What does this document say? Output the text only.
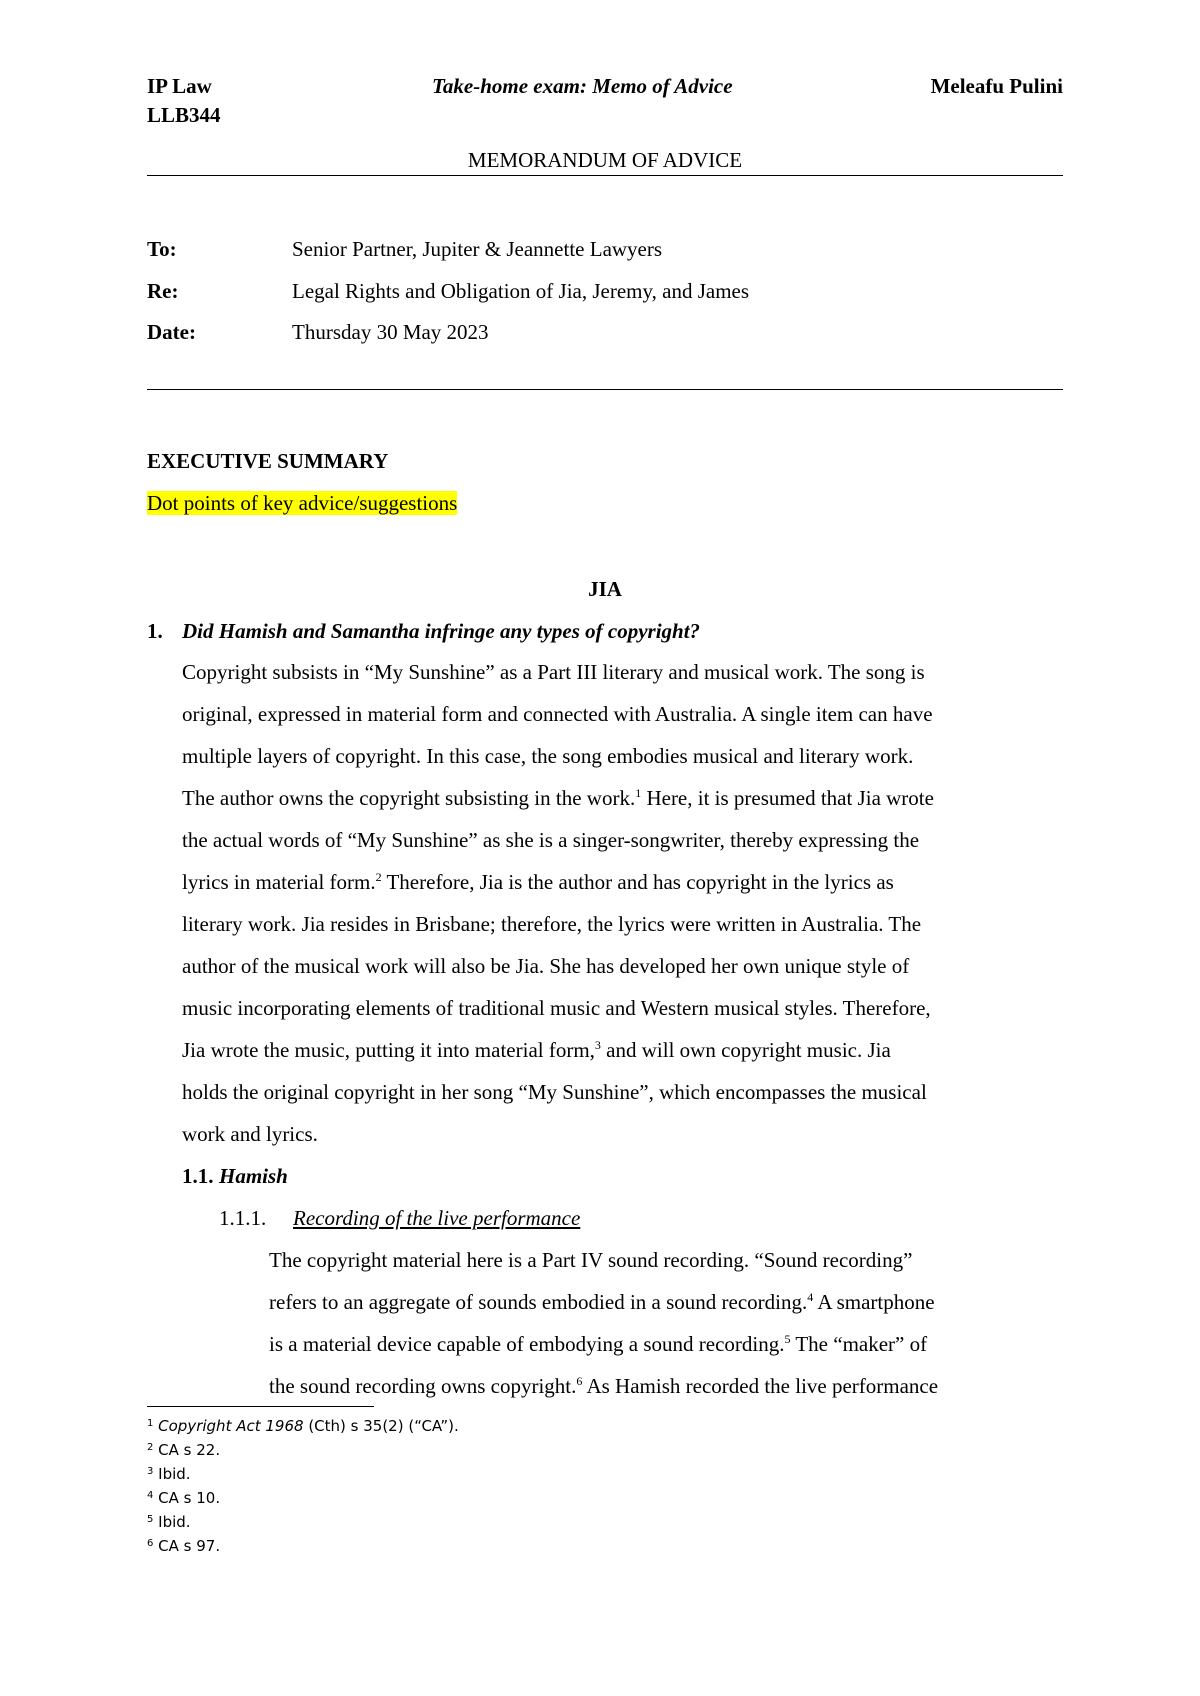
IP Law
LLB344
Take-home exam: Memo of Advice	Meleafu Pulini
MEMORANDUM OF ADVICE
To:	Senior Partner, Jupiter & Jeannette Lawyers
Re:	Legal Rights and Obligation of Jia, Jeremy, and James
Date:	Thursday 30 May 2023
EXECUTIVE SUMMARY
Dot points of key advice/suggestions
JIA
1. Did Hamish and Samantha infringe any types of copyright?
Copyright subsists in “My Sunshine” as a Part III literary and musical work. The song is
original, expressed in material form and connected with Australia. A single item can have
multiple layers of copyright. In this case, the song embodies musical and literary work.
The author owns the copyright subsisting in the work.$^1$ Here, it is presumed that Jia wrote
the actual words of “My Sunshine” as she is a singer-songwriter, thereby expressing the
lyrics in material form.$^2$ Therefore, Jia is the author and has copyright in the lyrics as
literary work. Jia resides in Brisbane; therefore, the lyrics were written in Australia. The
author of the musical work will also be Jia. She has developed her own unique style of
music incorporating elements of traditional music and Western musical styles. Therefore,
Jia wrote the music, putting it into material form,$^3$ and will own copyright music. Jia
holds the original copyright in her song “My Sunshine”, which encompasses the musical
work and lyrics.
1.1. Hamish
1.1.1. Recording of the live performance
The copyright material here is a Part IV sound recording. “Sound recording”
refers to an aggregate of sounds embodied in a sound recording.$^4$ A smartphone
is a material device capable of embodying a sound recording.$^5$ The “maker” of
the sound recording owns copyright.$^6$ As Hamish recorded the live performance
$^1$ Copyright Act 1968 (Cth) s 35(2) (“CA”).
$^2$ CA s 22.
$^3$ Ibid.
$^4$ CA s 10.
$^5$ Ibid.
$^6$ CA s 97.
